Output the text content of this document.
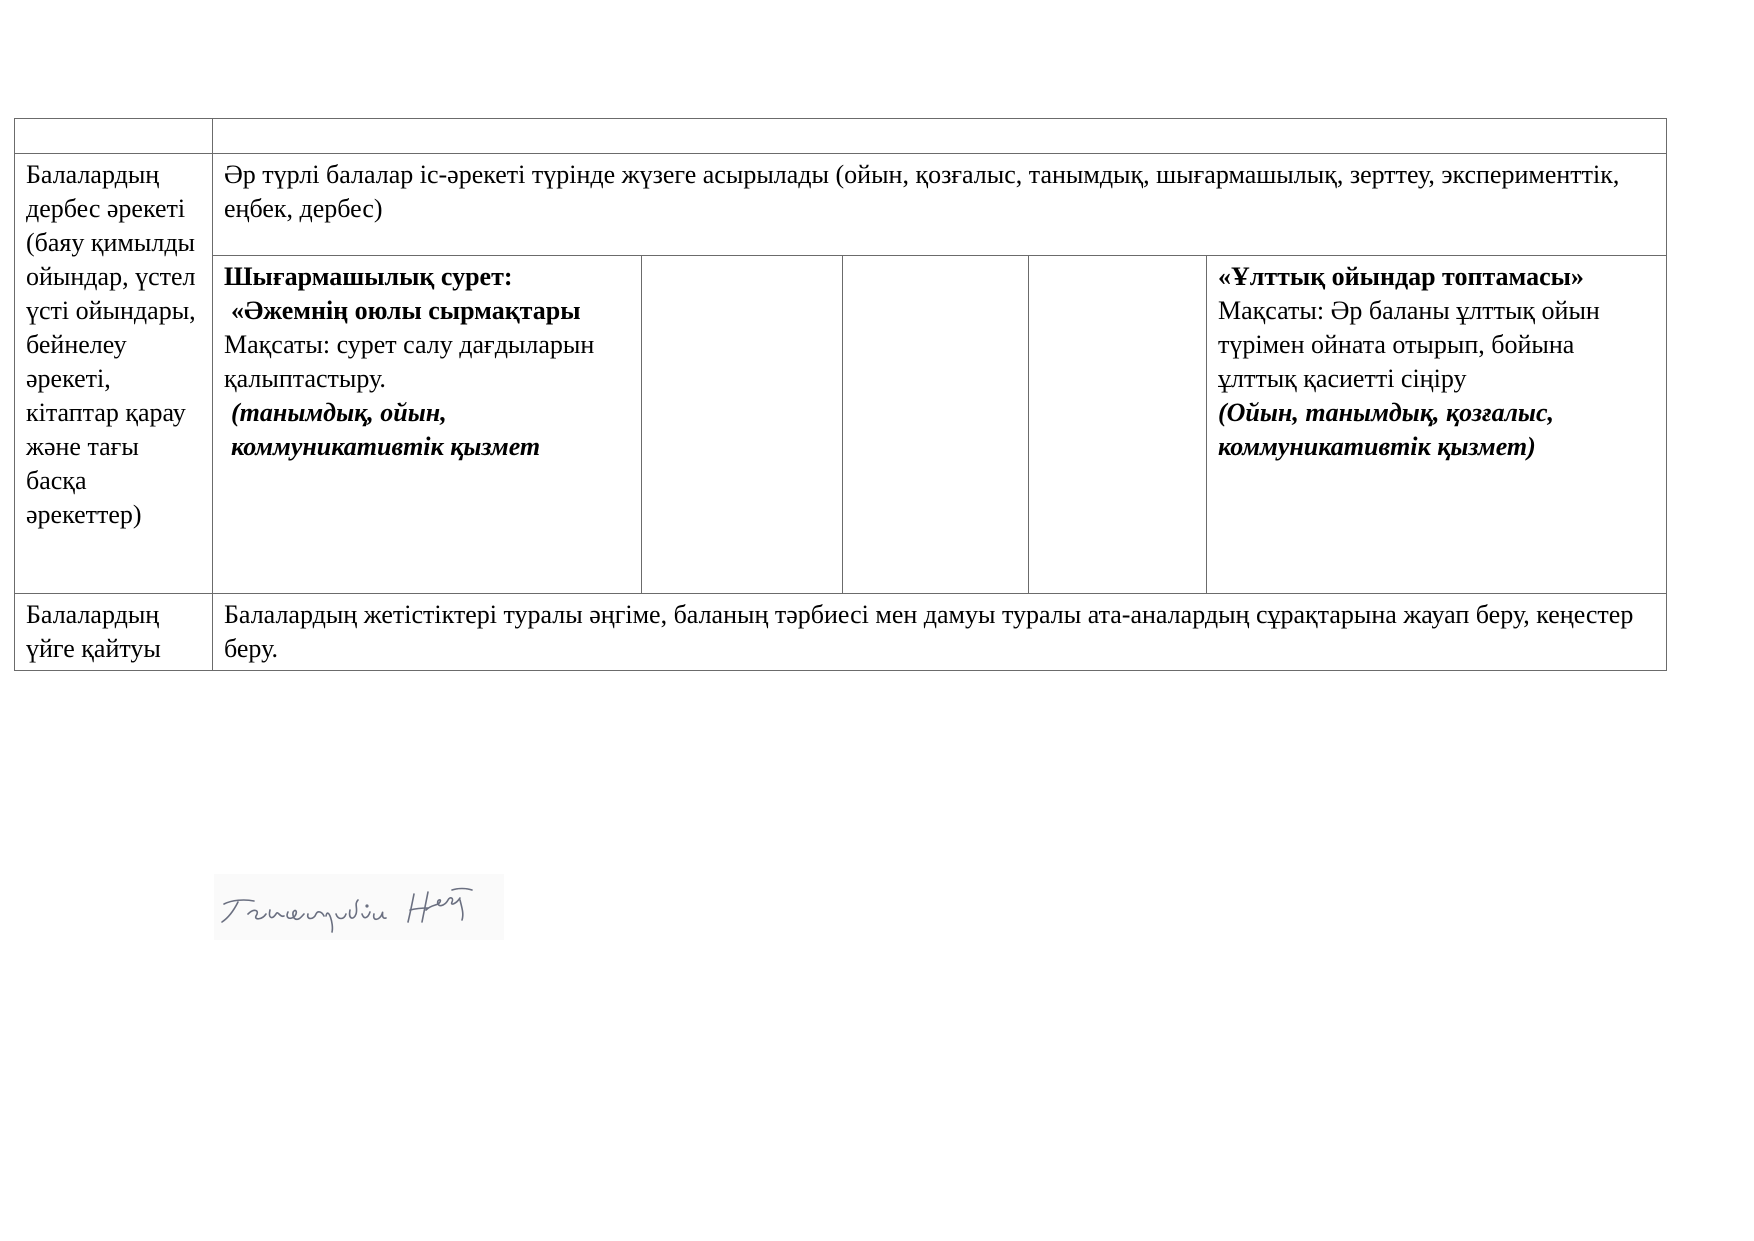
Балалардың дербес әрекеті (баяу қимылды ойындар, үстел үсті ойындары, бейнелеу әрекеті, кітаптар қарау және тағы басқа әрекеттер)	Әр түрлі балалар іс-әрекеті түрінде жүзеге асырылады (ойын, қозғалыс, танымдық, шығармашылық, зерттеу, эксперименттік, еңбек, дербес)				

	Шығармашылық сурет:
«Әжемнің оюлы сырмақтары
Мақсаты: сурет салу дағдыларын қалыптастыру.
(танымдық, ойын, коммуникативтік қызмет				«Ұлттық ойындар топтамасы»
Мақсаты: Әр баланы ұлттық ойын түрімен ойната отырып, бойына ұлттық қасиетті сіңіру
(Ойын, танымдық, қозғалыс, коммуникативтік қызмет)

Балалардың үйге қайтуы	Балалардың жетістіктері туралы әңгіме, баланың тәрбиесі мен дамуы туралы ата-аналардың сұрақтарына жауап беру, кеңестер беру.				
